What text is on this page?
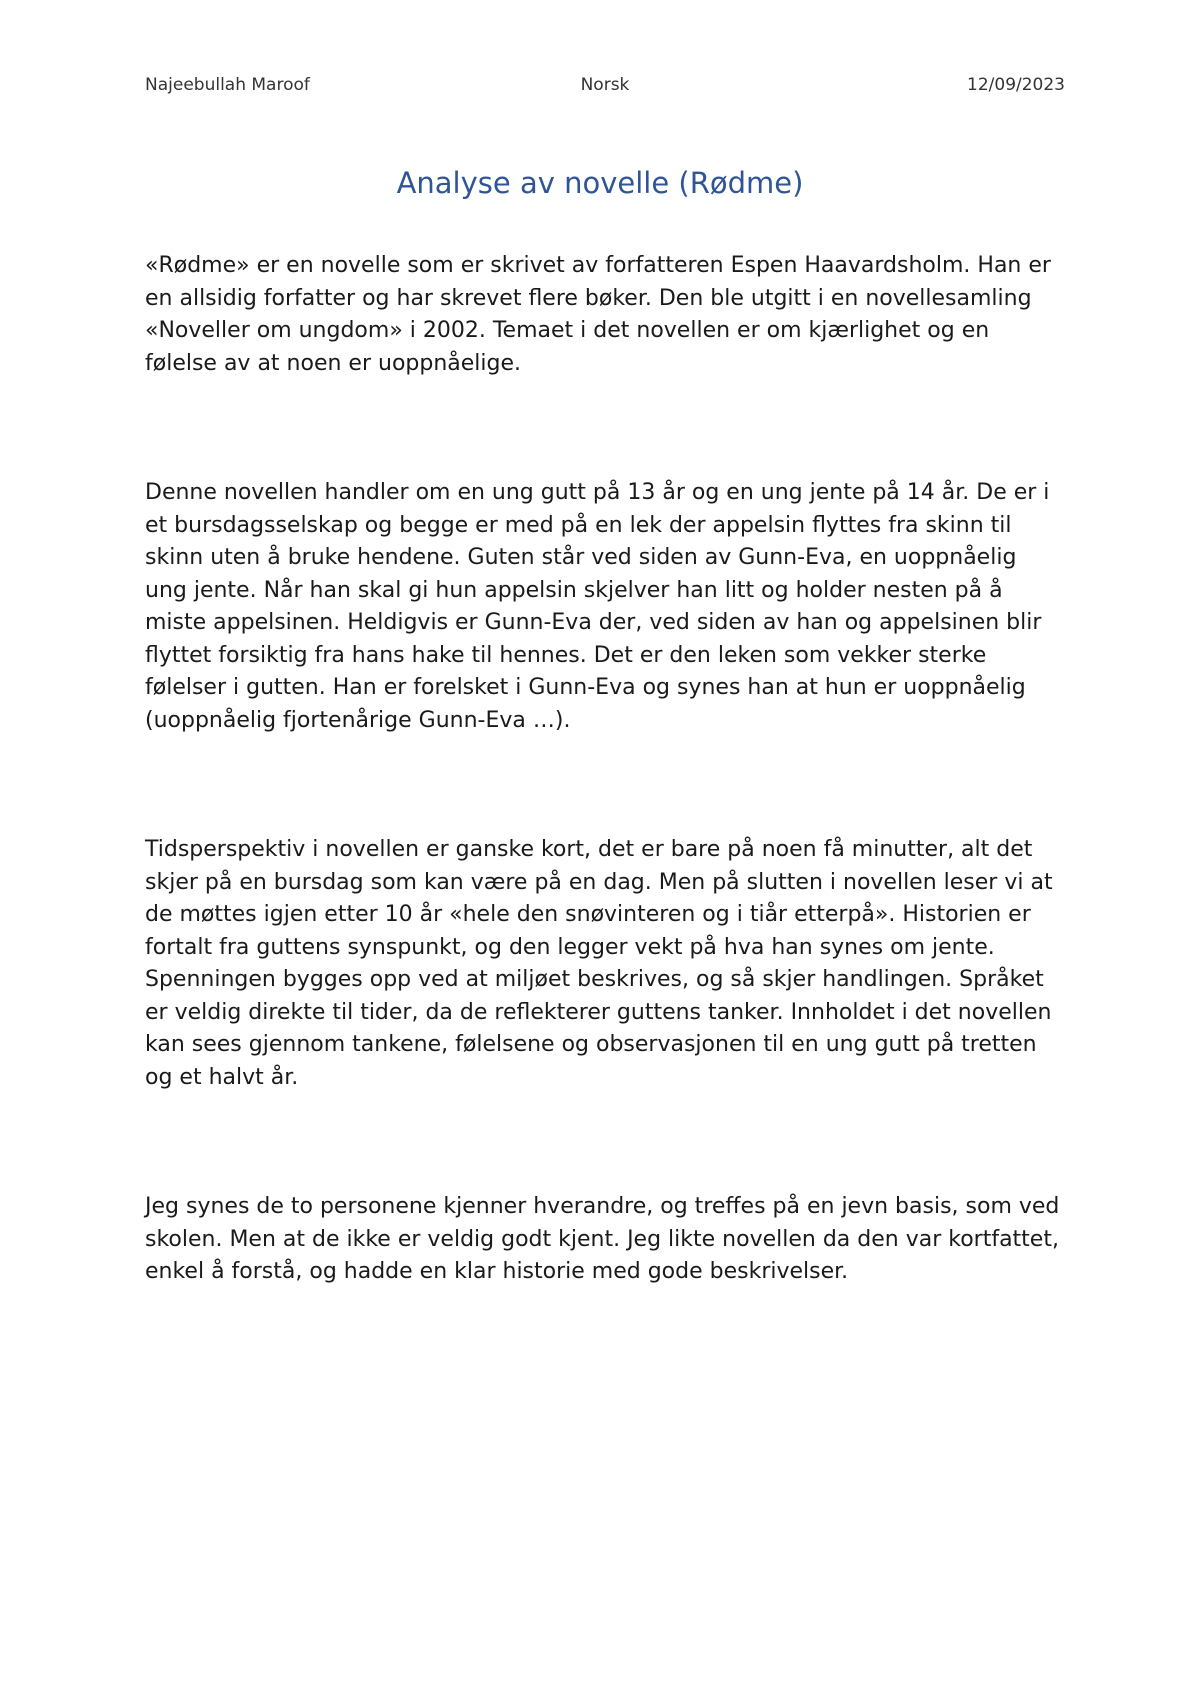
Najeebullah Maroof	Norsk	12/09/2023
Analyse av novelle (Rødme)

«Rødme» er en novelle som er skrivet av forfatteren Espen Haavardsholm. Han er en allsidig forfatter og har skrevet flere bøker. Den ble utgitt i en novellesamling «Noveller om ungdom» i 2002. Temaet i det novellen er om kjærlighet og en følelse av at noen er uoppnåelige.

Denne novellen handler om en ung gutt på 13 år og en ung jente på 14 år. De er i et bursdagsselskap og begge er med på en lek der appelsin flyttes fra skinn til skinn uten å bruke hendene. Guten står ved siden av Gunn-Eva, en uoppnåelig ung jente. Når han skal gi hun appelsin skjelver han litt og holder nesten på å miste appelsinen. Heldigvis er Gunn-Eva der, ved siden av han og appelsinen blir flyttet forsiktig fra hans hake til hennes. Det er den leken som vekker sterke følelser i gutten. Han er forelsket i Gunn-Eva og synes han at hun er uoppnåelig (uoppnåelig fjortenårige Gunn-Eva …).

Tidsperspektiv i novellen er ganske kort, det er bare på noen få minutter, alt det skjer på en bursdag som kan være på en dag. Men på slutten i novellen leser vi at de møttes igjen etter 10 år «hele den snøvinteren og i tiår etterpå». Historien er fortalt fra guttens synspunkt, og den legger vekt på hva han synes om jente. Spenningen bygges opp ved at miljøet beskrives, og så skjer handlingen. Språket er veldig direkte til tider, da de reflekterer guttens tanker. Innholdet i det novellen kan sees gjennom tankene, følelsene og observasjonen til en ung gutt på tretten og et halvt år.

Jeg synes de to personene kjenner hverandre, og treffes på en jevn basis, som ved skolen. Men at de ikke er veldig godt kjent. Jeg likte novellen da den var kortfattet, enkel å forstå, og hadde en klar historie med gode beskrivelser.
